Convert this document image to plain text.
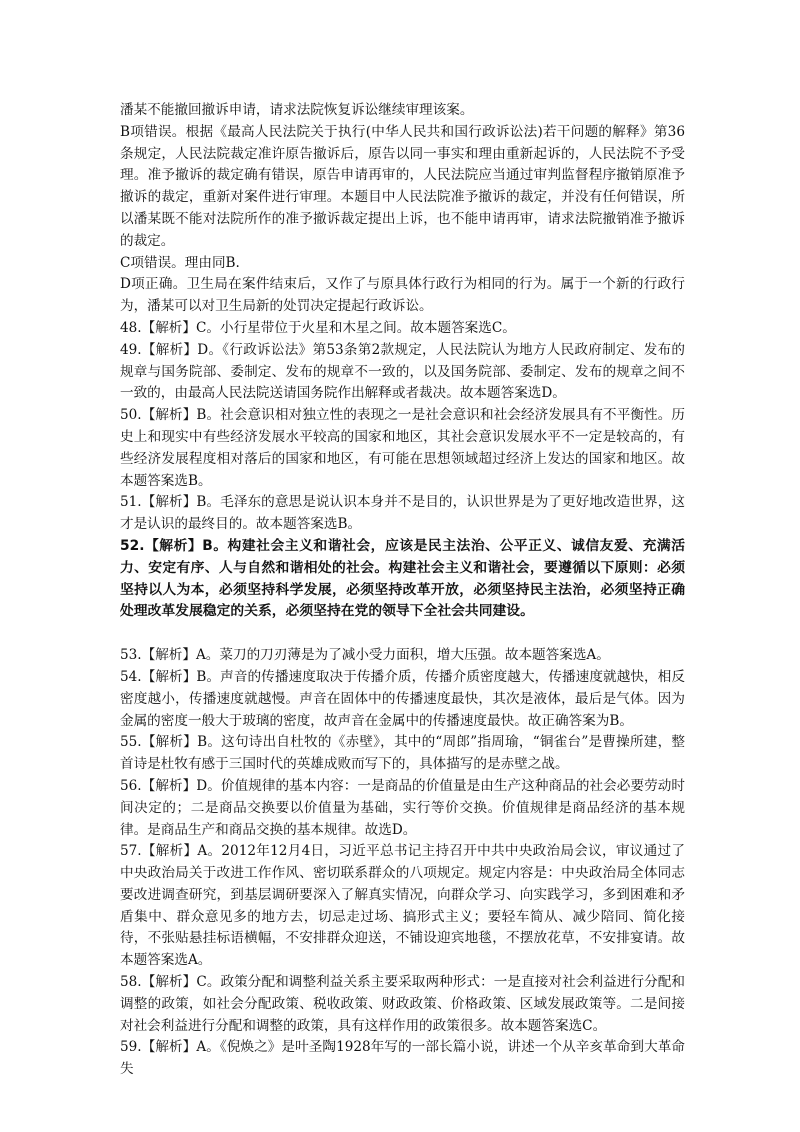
潘某不能撤回撤诉申请，请求法院恢复诉讼继续审理该案。

B项错误。根据《最高人民法院关于执行(中华人民共和国行政诉讼法)若干问题的解释》第36条规定，人民法院裁定准许原告撤诉后，原告以同一事实和理由重新起诉的，人民法院不予受理。准予撤诉的裁定确有错误，原告申请再审的，人民法院应当通过审判监督程序撤销原准予撤诉的裁定，重新对案件进行审理。本题目中人民法院准予撤诉的裁定，并没有任何错误，所以潘某既不能对法院所作的准予撤诉裁定提出上诉，也不能申请再审，请求法院撤销准予撤诉的裁定。

C项错误。理由同B.

D项正确。卫生局在案件结束后，又作了与原具体行政行为相同的行为。属于一个新的行政行为，潘某可以对卫生局新的处罚决定提起行政诉讼。

48.【解析】C。小行星带位于火星和木星之间。故本题答案选C。

49.【解析】D。《行政诉讼法》第53条第2款规定，人民法院认为地方人民政府制定、发布的规章与国务院部、委制定、发布的规章不一致的，以及国务院部、委制定、发布的规章之间不一致的，由最高人民法院送请国务院作出解释或者裁决。故本题答案选D。

50.【解析】B。社会意识相对独立性的表现之一是社会意识和社会经济发展具有不平衡性。历史上和现实中有些经济发展水平较高的国家和地区，其社会意识发展水平不一定是较高的，有些经济发展程度相对落后的国家和地区，有可能在思想领域超过经济上发达的国家和地区。故本题答案选B。

51.【解析】B。毛泽东的意思是说认识本身并不是目的，认识世界是为了更好地改造世界，这才是认识的最终目的。故本题答案选B。

52.【解析】B。构建社会主义和谐社会，应该是民主法治、公平正义、诚信友爱、充满活力、安定有序、人与自然和谐相处的社会。构建社会主义和谐社会，要遵循以下原则：必须坚持以人为本，必须坚持科学发展，必须坚持改革开放，必须坚持民主法治，必须坚持正确处理改革发展稳定的关系，必须坚持在党的领导下全社会共同建设。

53.【解析】A。菜刀的刀刃薄是为了减小受力面积，增大压强。故本题答案选A。

54.【解析】B。声音的传播速度取决于传播介质，传播介质密度越大，传播速度就越快，相反密度越小，传播速度就越慢。声音在固体中的传播速度最快，其次是液体，最后是气体。因为金属的密度一般大于玻璃的密度，故声音在金属中的传播速度最快。故正确答案为B。

55.【解析】B。这句诗出自杜牧的《赤壁》，其中的“周郎”指周瑜，“铜雀台”是曹操所建，整首诗是杜牧有感于三国时代的英雄成败而写下的，具体描写的是赤壁之战。

56.【解析】D。价值规律的基本内容：一是商品的价值量是由生产这种商品的社会必要劳动时间决定的；二是商品交换要以价值量为基础，实行等价交换。价值规律是商品经济的基本规律。是商品生产和商品交换的基本规律。故选D。

57.【解析】A。2012年12月4日，习近平总书记主持召开中共中央政治局会议，审议通过了中央政治局关于改进工作作风、密切联系群众的八项规定。规定内容是：中央政治局全体同志要改进调查研究，到基层调研要深入了解真实情况，向群众学习、向实践学习，多到困难和矛盾集中、群众意见多的地方去，切忌走过场、搞形式主义；要轻车简从、减少陪同、简化接待，不张贴悬挂标语横幅，不安排群众迎送，不铺设迎宾地毯，不摆放花草，不安排宴请。故本题答案选A。

58.【解析】C。政策分配和调整利益关系主要采取两种形式：一是直接对社会利益进行分配和调整的政策，如社会分配政策、税收政策、财政政策、价格政策、区域发展政策等。二是间接对社会利益进行分配和调整的政策，具有这样作用的政策很多。故本题答案选C。

59.【解析】A。《倪焕之》是叶圣陶1928年写的一部长篇小说，讲述一个从辛亥革命到大革命失
